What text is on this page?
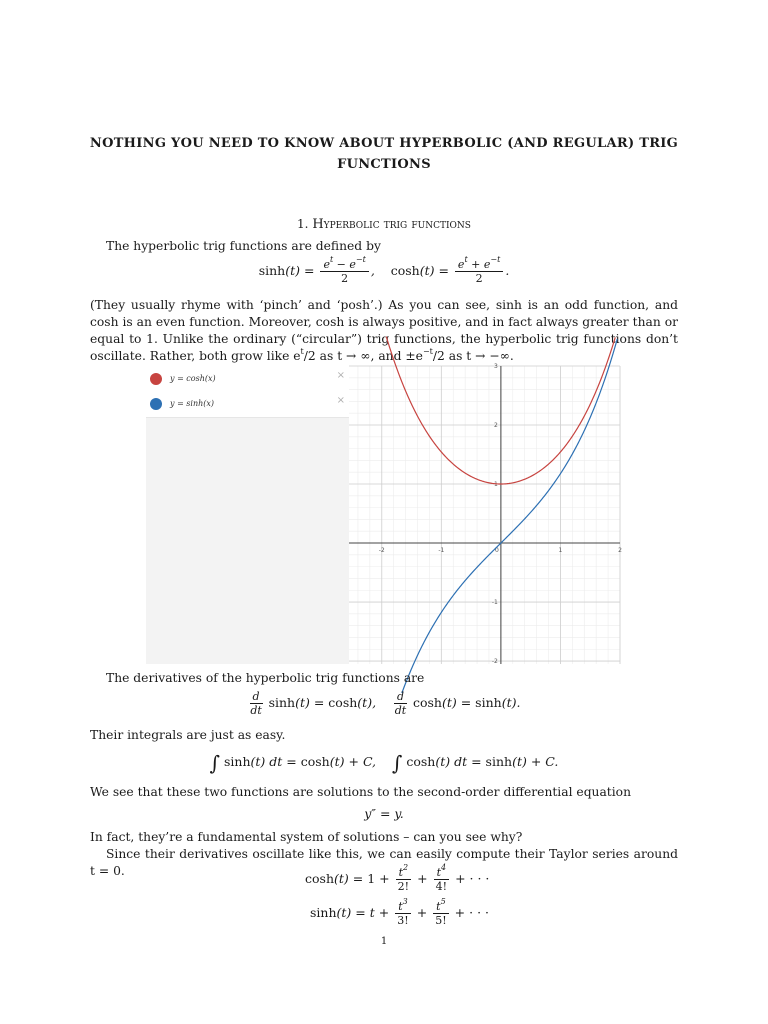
NOTHING YOU NEED TO KNOW ABOUT HYPERBOLIC (AND REGULAR) TRIG
FUNCTIONS
1. Hyperbolic trig functions
The hyperbolic trig functions are defined by
$\sinh(t) = \frac{e^t - e^{-t}}{2}$ ,    $\cosh(t) = \frac{e^t + e^{-t}}{2}$ .
(They usually rhyme with ‘pinch’ and ‘posh’.) As you can see, sinh is an odd function, and cosh is an even function. Moreover, cosh is always positive, and in fact always greater than or equal to 1. Unlike the ordinary (“circular”) trig functions, the hyperbolic trig functions don’t oscillate. Rather, both grow like $e^t/2$ as t → ∞, and $\pm e^{-t}/2$ as t → −∞.
y = cosh(x)	×
y = sinh(x)	×
-2	-1	0	1	2
3
2
1
-1
-2
The derivatives of the hyperbolic trig functions are
$\frac{d}{dt} \sinh(t) = \cosh(t)$, $\frac{d}{dt} \cosh(t) = \sinh(t)$.
Their integrals are just as easy.
∫ sinh(t) dt = cosh(t) + C,    ∫ cosh(t) dt = sinh(t) + C.
We see that these two functions are solutions to the second-order differential equation
y″ = y.
In fact, they’re a fundamental system of solutions – can you see why?
Since their derivatives oscillate like this, we can easily compute their Taylor series around t = 0.	$\cosh(t) = 1 + \frac{t^2}{2!} + \frac{t^4}{4!}$ + · · ·
$\sinh(t) = t + \frac{t^3}{3!} + \frac{t^5}{5!}$ + · · ·
1
